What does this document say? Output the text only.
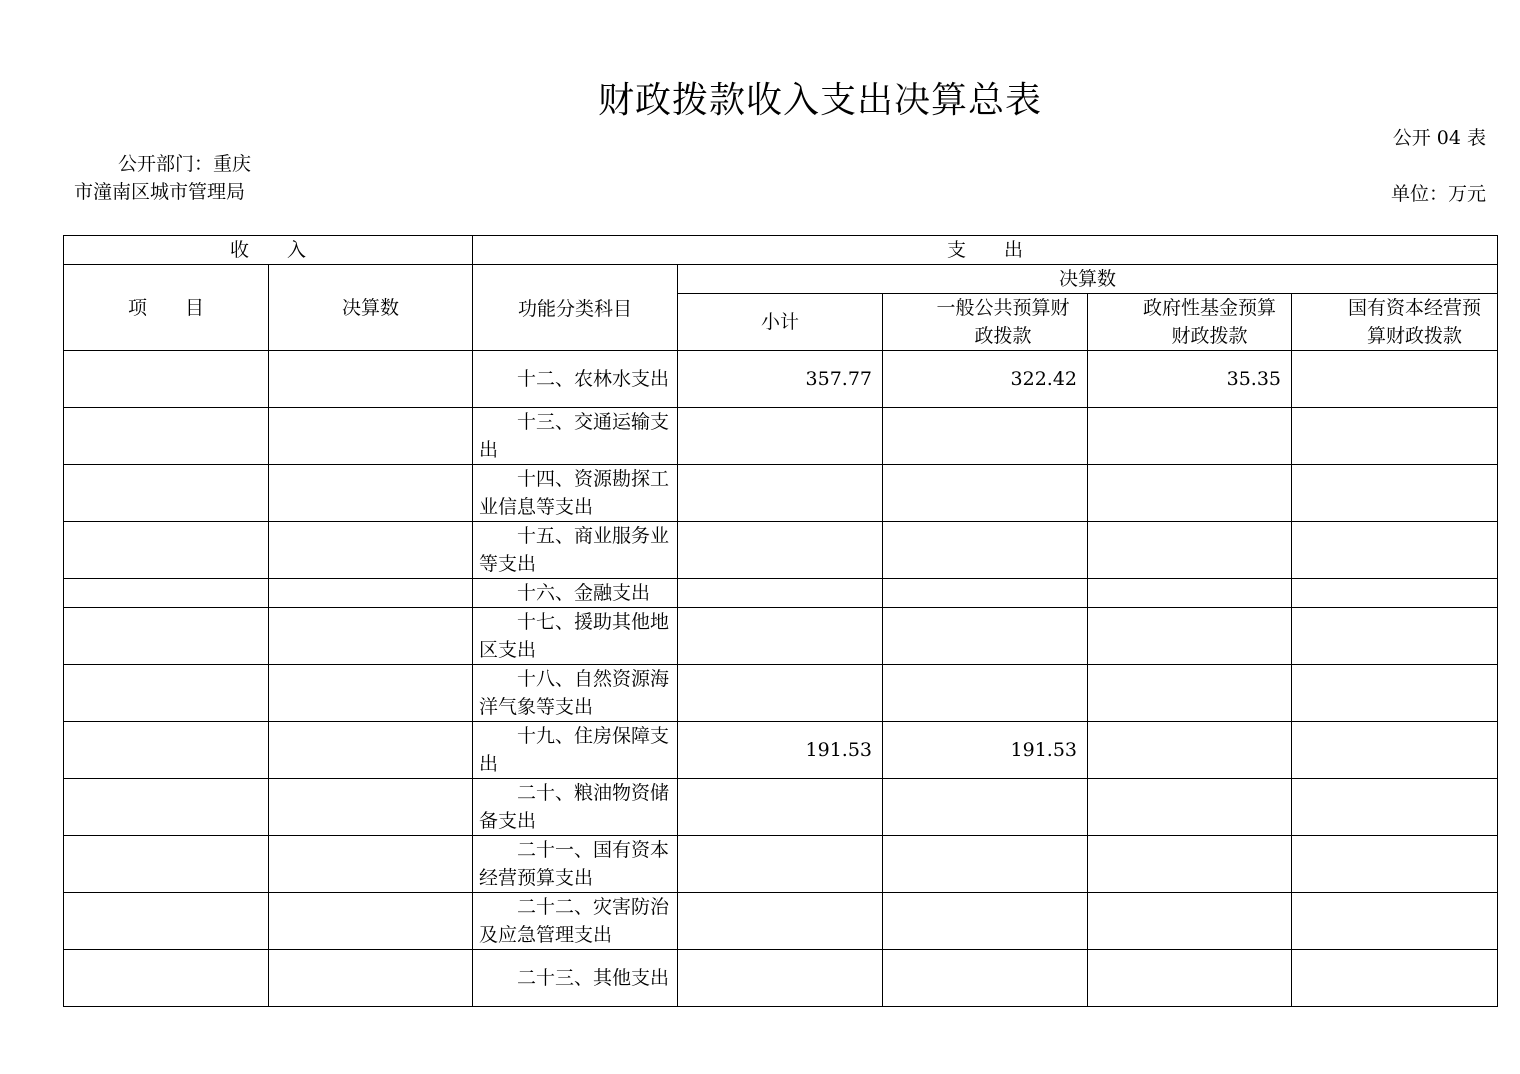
财政拨款收入支出决算总表
公开 04 表
公开部门：重庆市潼南区城市管理局	单位：万元
收　　入		支　　出				
项　　目	决算数	功能分类科目	决算数			
			小计	一般公共预算财政拨款	政府性基金预算财政拨款	国有资本经营预算财政拨款
		十二、农林水支出	357.77	322.42	35.35	
		十三、交通运输支出				
		十四、资源勘探工业信息等支出				
		十五、商业服务业等支出				
		十六、金融支出				
		十七、援助其他地区支出				
		十八、自然资源海洋气象等支出				
		十九、住房保障支出	191.53	191.53		
		二十、粮油物资储备支出				
		二十一、国有资本经营预算支出				
		二十二、灾害防治及应急管理支出				
		二十三、其他支出				
